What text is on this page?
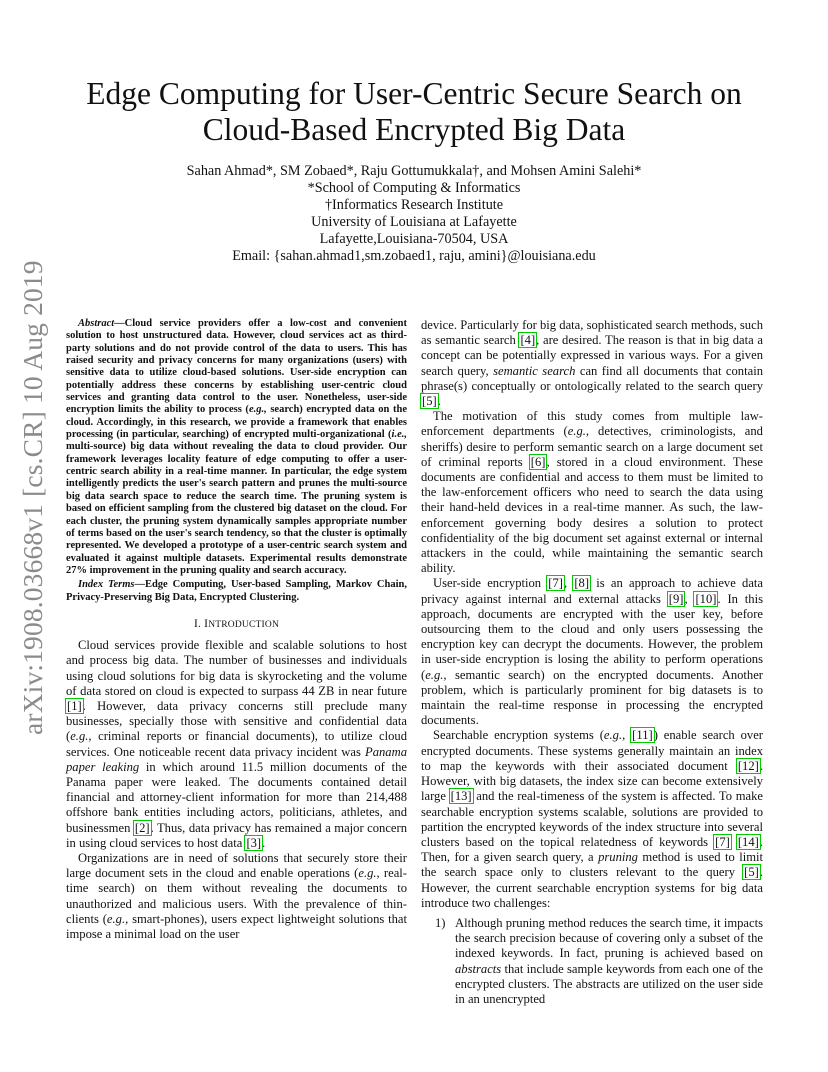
arXiv:1908.03668v1 [cs.CR] 10 Aug 2019
Edge Computing for User-Centric Secure Search on
Cloud-Based Encrypted Big Data
Sahan Ahmad*, SM Zobaed*, Raju Gottumukkala†, and Mohsen Amini Salehi*
*School of Computing & Informatics
†Informatics Research Institute
University of Louisiana at Lafayette
Lafayette,Louisiana-70504, USA
Email: {sahan.ahmad1,sm.zobaed1, raju, amini}@louisiana.edu
Abstract—Cloud service providers offer a low-cost and convenient solution to host unstructured data. However, cloud services act as third-party solutions and do not provide control of the data to users. This has raised security and privacy concerns for many organizations (users) with sensitive data to utilize cloud-based solutions. User-side encryption can potentially address these concerns by establishing user-centric cloud services and granting data control to the user. Nonetheless, user-side encryption limits the ability to process (e.g., search) encrypted data on the cloud. Accordingly, in this research, we provide a framework that enables processing (in particular, searching) of encrypted multi-organizational (i.e., multi-source) big data without revealing the data to cloud provider. Our framework leverages locality feature of edge computing to offer a user-centric search ability in a real-time manner. In particular, the edge system intelligently predicts the user's search pattern and prunes the multi-source big data search space to reduce the search time. The pruning system is based on efficient sampling from the clustered big dataset on the cloud. For each cluster, the pruning system dynamically samples appropriate number of terms based on the user's search tendency, so that the cluster is optimally represented. We developed a prototype of a user-centric search system and evaluated it against multiple datasets. Experimental results demonstrate 27% improvement in the pruning quality and search accuracy.
Index Terms—Edge Computing, User-based Sampling, Markov Chain, Privacy-Preserving Big Data, Encrypted Clustering.
I. INTRODUCTION

Cloud services provide flexible and scalable solutions to host and process big data. The number of businesses and individuals using cloud solutions for big data is skyrocketing and the volume of data stored on cloud is expected to surpass 44 ZB in near future [1]. However, data privacy concerns still preclude many businesses, specially those with sensitive and confidential data (e.g., criminal reports or financial documents), to utilize cloud services. One noticeable recent data privacy incident was Panama paper leaking in which around 11.5 million documents of the Panama paper were leaked. The documents contained detail financial and attorney-client information for more than 214,488 offshore bank entities including actors, politicians, athletes, and businessmen [2]. Thus, data privacy has remained a major concern in using cloud services to host data [3].

Organizations are in need of solutions that securely store their large document sets in the cloud and enable operations (e.g., real-time search) on them without revealing the documents to unauthorized and malicious users. With the prevalence of thin-clients (e.g., smart-phones), users expect lightweight solutions that impose a minimal load on the user

device. Particularly for big data, sophisticated search methods, such as semantic search [4], are desired. The reason is that in big data a concept can be potentially expressed in various ways. For a given search query, semantic search can find all documents that contain phrase(s) conceptually or ontologically related to the search query [5].

The motivation of this study comes from multiple law-enforcement departments (e.g., detectives, criminologists, and sheriffs) desire to perform semantic search on a large document set of criminal reports [6], stored in a cloud environment. These documents are confidential and access to them must be limited to the law-enforcement officers who need to search the data using their hand-held devices in a real-time manner. As such, the law-enforcement governing body desires a solution to protect confidentiality of the big document set against external or internal attackers in the could, while maintaining the semantic search ability.

User-side encryption [7], [8] is an approach to achieve data privacy against internal and external attacks [9], [10]. In this approach, documents are encrypted with the user key, before outsourcing them to the cloud and only users possessing the encryption key can decrypt the documents. However, the problem in user-side encryption is losing the ability to perform operations (e.g., semantic search) on the encrypted documents. Another problem, which is particularly prominent for big datasets is to maintain the real-time response in processing the encrypted documents.

Searchable encryption systems (e.g., [11]) enable search over encrypted documents. These systems generally maintain an index to map the keywords with their associated document [12]. However, with big datasets, the index size can become extensively large [13] and the real-timeness of the system is affected. To make searchable encryption systems scalable, solutions are provided to partition the encrypted keywords of the index structure into several clusters based on the topical relatedness of keywords [7] [14]. Then, for a given search query, a pruning method is used to limit the search space only to clusters relevant to the query [5]. However, the current searchable encryption systems for big data introduce two challenges:

1) Although pruning method reduces the search time, it impacts the search precision because of covering only a subset of the indexed keywords. In fact, pruning is achieved based on abstracts that include sample keywords from each one of the encrypted clusters. The abstracts are utilized on the user side in an unencrypted
